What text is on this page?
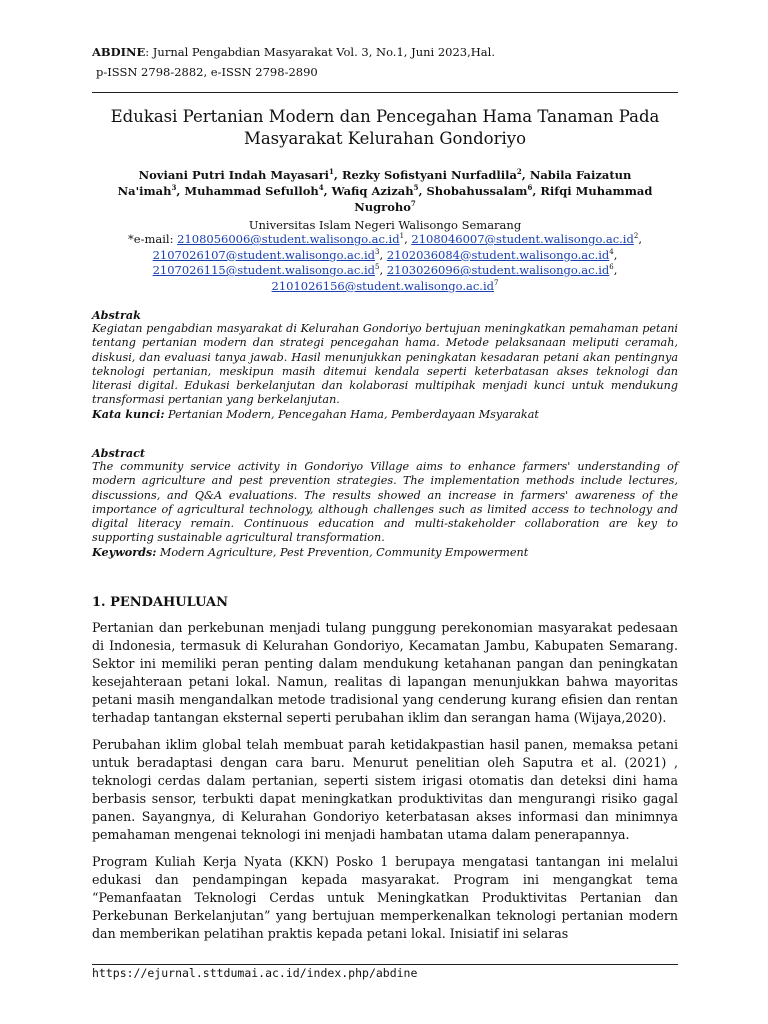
ABDINE: Jurnal Pengabdian Masyarakat Vol. 3, No.1, Juni 2023,Hal.
p-ISSN 2798-2882, e-ISSN 2798-2890
Edukasi Pertanian Modern dan Pencegahan Hama Tanaman Pada
Masyarakat Kelurahan Gondoriyo
Noviani Putri Indah Mayasari$^1$, Rezky Sofistyani Nurfadlila$^2$, Nabila Faizatun Na'imah$^3$, Muhammad Sefulloh$^4$, Wafiq Azizah$^5$, Shobahussalam$^6$, Rifqi Muhammad Nugroho$^7$
Universitas Islam Negeri Walisongo Semarang
*e-mail: $2108056006@student.walisongo.ac.id^1$, $2108046007@student.walisongo.ac.id^2$, $2107026107@student.walisongo.ac.id^3$, $2102036084@student.walisongo.ac.id^4$, $2107026115@student.walisongo.ac.id^5$, $2103026096@student.walisongo.ac.id^6$, $2101026156@student.walisongo.ac.id^7$
Abstrak

Kegiatan pengabdian masyarakat di Kelurahan Gondoriyo bertujuan meningkatkan pemahaman petani tentang pertanian modern dan strategi pencegahan hama. Metode pelaksanaan meliputi ceramah, diskusi, dan evaluasi tanya jawab. Hasil menunjukkan peningkatan kesadaran petani akan pentingnya teknologi pertanian, meskipun masih ditemui kendala seperti keterbatasan akses teknologi dan literasi digital. Edukasi berkelanjutan dan kolaborasi multipihak menjadi kunci untuk mendukung transformasi pertanian yang berkelanjutan.

Kata kunci: Pertanian Modern, Pencegahan Hama, Pemberdayaan Msyarakat
Abstract

The community service activity in Gondoriyo Village aims to enhance farmers' understanding of modern agriculture and pest prevention strategies. The implementation methods include lectures, discussions, and Q&A evaluations. The results showed an increase in farmers' awareness of the importance of agricultural technology, although challenges such as limited access to technology and digital literacy remain. Continuous education and multi-stakeholder collaboration are key to supporting sustainable agricultural transformation.

Keywords: Modern Agriculture, Pest Prevention, Community Empowerment
1. PENDAHULUAN

Pertanian dan perkebunan menjadi tulang punggung perekonomian masyarakat pedesaan di Indonesia, termasuk di Kelurahan Gondoriyo, Kecamatan Jambu, Kabupaten Semarang. Sektor ini memiliki peran penting dalam mendukung ketahanan pangan dan peningkatan kesejahteraan petani lokal. Namun, realitas di lapangan menunjukkan bahwa mayoritas petani masih mengandalkan metode tradisional yang cenderung kurang efisien dan rentan terhadap tantangan eksternal seperti perubahan iklim dan serangan hama (Wijaya,2020).

Perubahan iklim global telah membuat parah ketidakpastian hasil panen, memaksa petani untuk beradaptasi dengan cara baru. Menurut penelitian oleh Saputra et al. (2021) , teknologi cerdas dalam pertanian, seperti sistem irigasi otomatis dan deteksi dini hama berbasis sensor, terbukti dapat meningkatkan produktivitas dan mengurangi risiko gagal panen. Sayangnya, di Kelurahan Gondoriyo keterbatasan akses informasi dan minimnya pemahaman mengenai teknologi ini menjadi hambatan utama dalam penerapannya.

Program Kuliah Kerja Nyata (KKN) Posko 1 berupaya mengatasi tantangan ini melalui edukasi dan pendampingan kepada masyarakat. Program ini mengangkat tema “Pemanfaatan Teknologi Cerdas untuk Meningkatkan Produktivitas Pertanian dan Perkebunan Berkelanjutan” yang bertujuan memperkenalkan teknologi pertanian modern dan memberikan pelatihan praktis kepada petani lokal. Inisiatif ini selaras

https://ejurnal.sttdumai.ac.id/index.php/abdine
